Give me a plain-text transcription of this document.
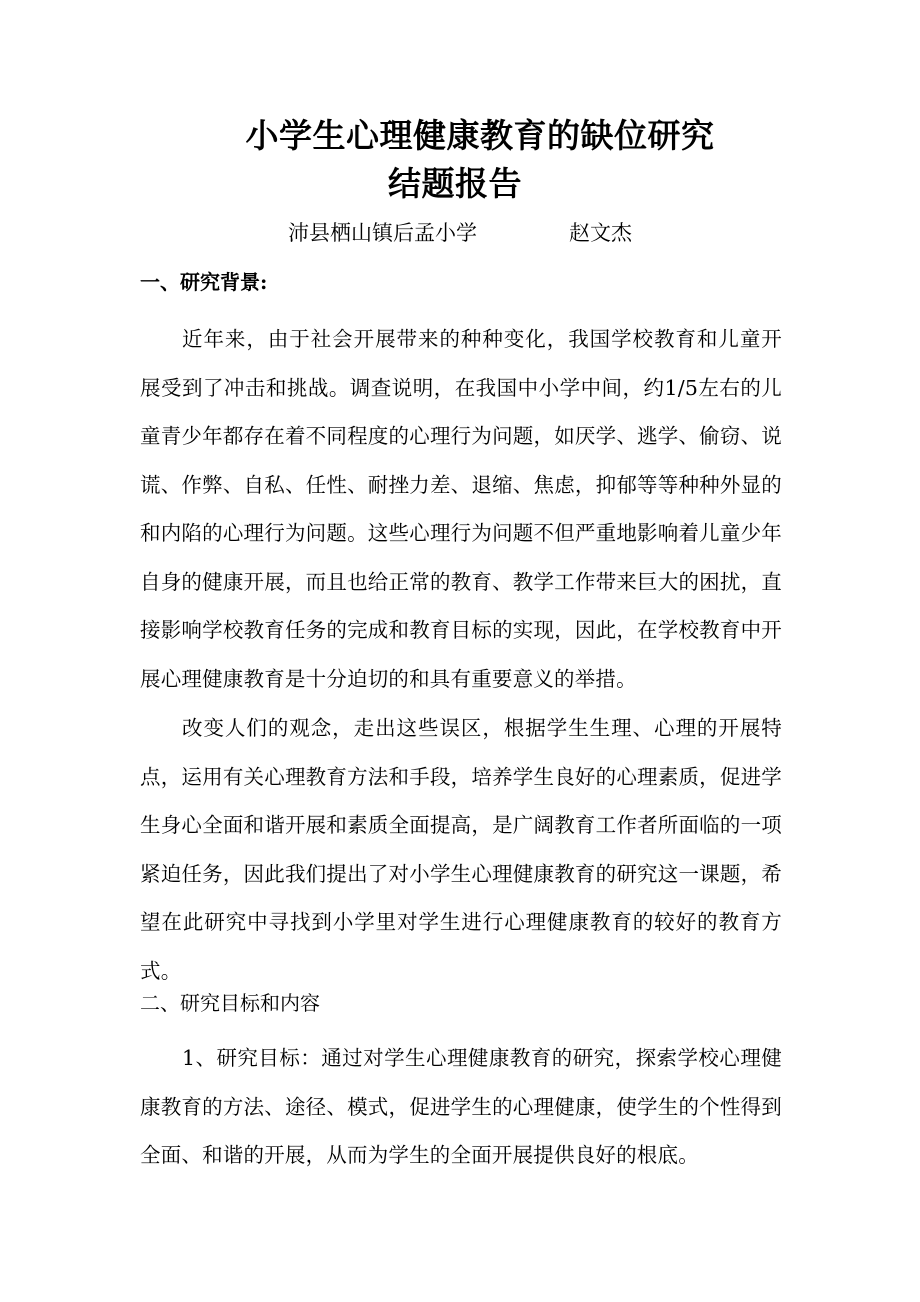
小学生心理健康教育的缺位研究
结题报告
沛县栖山镇后孟小学	赵文杰
一、研究背景:
近年来，由于社会开展带来的种种变化，我国学校教育和儿童开展受到了冲击和挑战。调查说明，在我国中小学中间，约1/5左右的儿童青少年都存在着不同程度的心理行为问题，如厌学、逃学、偷窃、说谎、作弊、自私、任性、耐挫力差、退缩、焦虑，抑郁等等种种外显的和内陷的心理行为问题。这些心理行为问题不但严重地影响着儿童少年自身的健康开展，而且也给正常的教育、教学工作带来巨大的困扰，直接影响学校教育任务的完成和教育目标的实现，因此，在学校教育中开展心理健康教育是十分迫切的和具有重要意义的举措。
改变人们的观念，走出这些误区，根据学生生理、心理的开展特点，运用有关心理教育方法和手段，培养学生良好的心理素质，促进学生身心全面和谐开展和素质全面提高，是广阔教育工作者所面临的一项紧迫任务，因此我们提出了对小学生心理健康教育的研究这一课题，希望在此研究中寻找到小学里对学生进行心理健康教育的较好的教育方式。
二、研究目标和内容
1、研究目标：通过对学生心理健康教育的研究，探索学校心理健康教育的方法、途径、模式，促进学生的心理健康，使学生的个性得到全面、和谐的开展，从而为学生的全面开展提供良好的根底。
